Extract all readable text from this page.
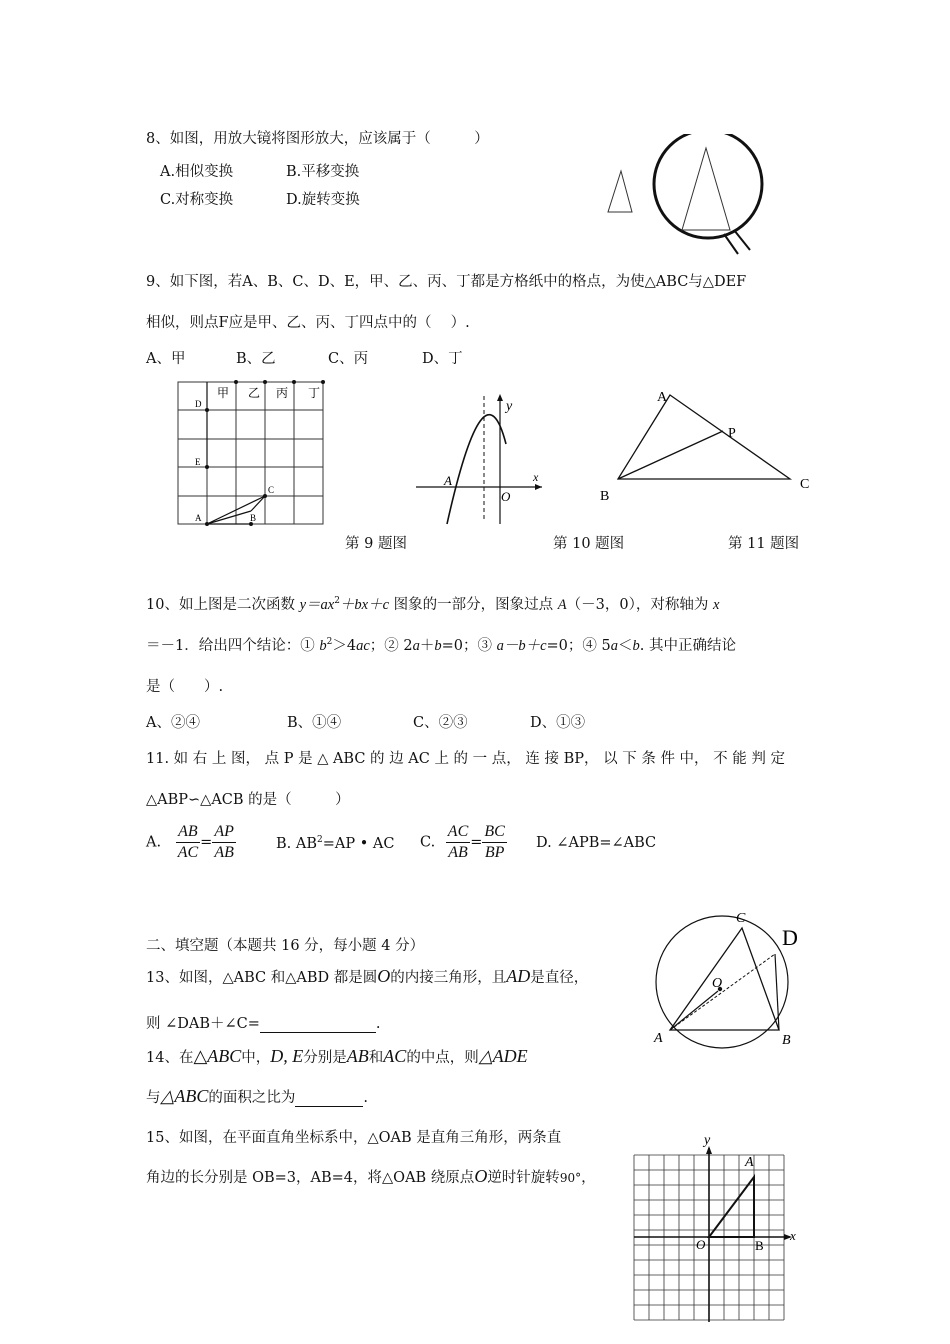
8、如图，用放大镜将图形放大，应该属于（　　　）
A.相似变换	B.平移变换
C.对称变换	D.旋转变换
9、如下图，若A、B、C、D、E，甲、乙、丙、丁都是方格纸中的格点，为使△ABC与△DEF
相似，则点F应是甲、乙、丙、丁四点中的（　 ）.
A、甲	B、乙	C、丙	D、丁
甲 乙 丙 丁
D
E
A	B
C
第 9 题图
y
x
A
O
第 10 题图
A
P
B
C
第 11 题图
10、如上图是二次函数 $y=ax^2+bx+c$ 图象的一部分，图象过点 A（－3，0），对称轴为 x
＝－1．给出四个结论：① $b^2>4ac$；② 2a＋b=0；③ a－b＋c=0；④ 5a＜b. 其中正确结论
是（　　）.
A、②④	B、①④	C、②③	D、①③
11. 如 右 上 图， 点 P 是 △ ABC 的 边 AC 上 的 一 点， 连 接 BP， 以 下 条 件 中， 不 能 判 定
△ABP∽△ACB 的是（　　　）
A. $\frac{AB}{AC} = \frac{AP}{AB}$	B. $AB^2=AP$ • AC C. $\frac{AC}{AB} = \frac{BC}{BP} D$. ∠APB=∠ABC
二、填空题（本题共 16 分，每小题 4 分）
13、如图，△ABC 和△ABD 都是圆O的内接三角形，且AD是直径，
则 ∠DAB＋∠C=	.
C
D
O
A	B
14、在△ABC中，D, E分别是AB和AC的中点，则△ADE
与△ABC的面积之比为	.
15、如图，在平面直角坐标系中，△OAB 是直角三角形，两条直
角边的长分别是 OB=3，AB=4，将△OAB 绕原点O逆时针旋转90°，
y
x
A
O	B
